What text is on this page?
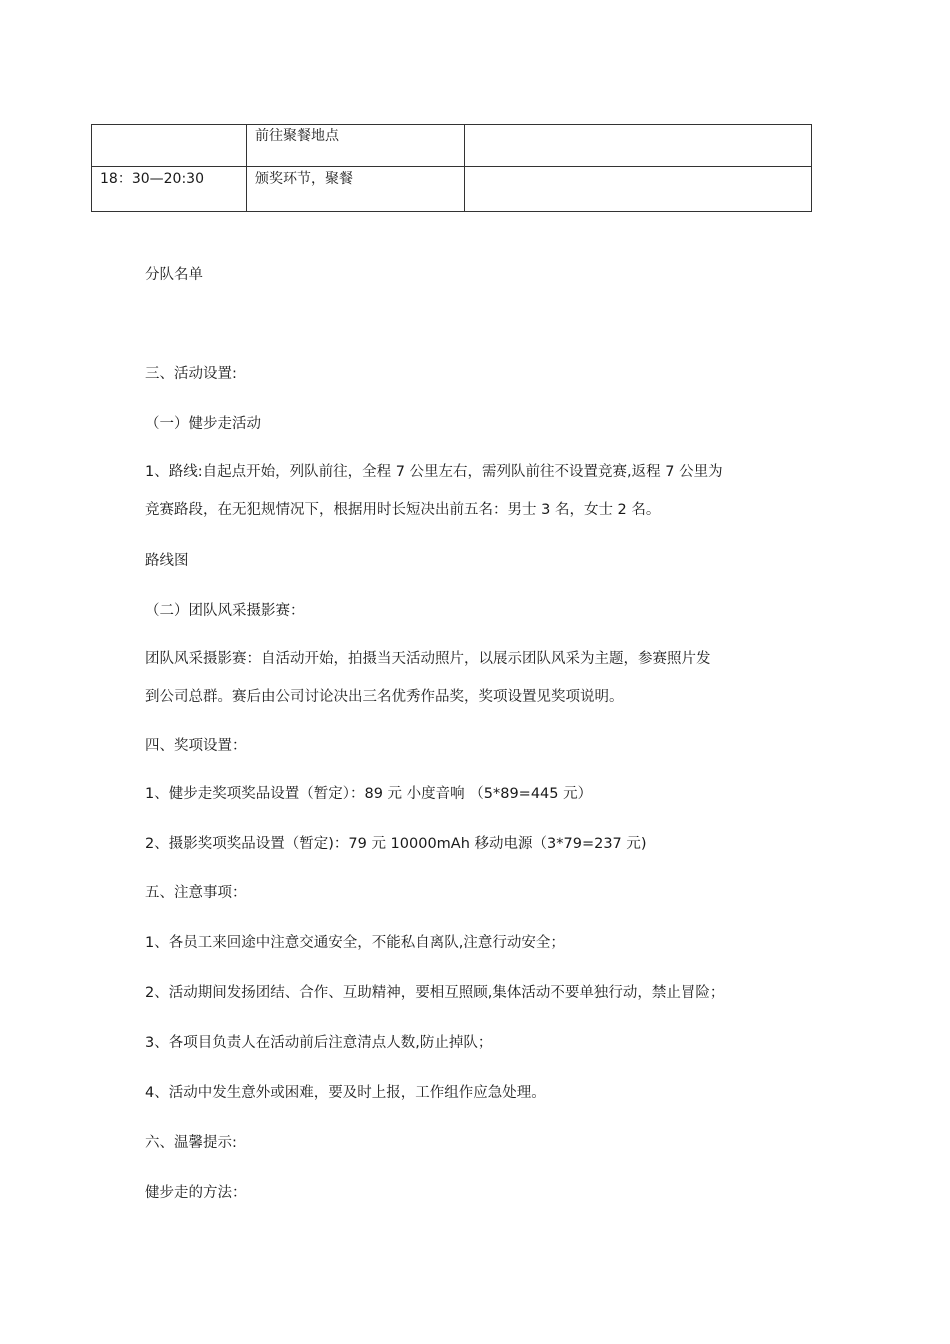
	前往聚餐地点	
18：30—20:30	颁奖环节，聚餐	
分队名单
三、活动设置:
（一）健步走活动
1、路线:自起点开始，列队前往，全程 7 公里左右，需列队前往不设置竞赛,返程 7 公里为
竞赛路段，在无犯规情况下，根据用时长短决出前五名：男士 3 名，女士 2 名。
路线图
（二）团队风采摄影赛：
团队风采摄影赛：自活动开始，拍摄当天活动照片，以展示团队风采为主题，参赛照片发
到公司总群。赛后由公司讨论决出三名优秀作品奖，奖项设置见奖项说明。
四、奖项设置：
1、健步走奖项奖品设置（暂定）：89 元 小度音响 （5*89=445 元）
2、摄影奖项奖品设置（暂定)：79 元 10000mAh 移动电源（3*79=237 元)
五、注意事项：
1、各员工来回途中注意交通安全，不能私自离队,注意行动安全；
2、活动期间发扬团结、合作、互助精神，要相互照顾,集体活动不要单独行动，禁止冒险；
3、各项目负责人在活动前后注意清点人数,防止掉队；
4、活动中发生意外或困难，要及时上报，工作组作应急处理。
六、温馨提示:
健步走的方法：
